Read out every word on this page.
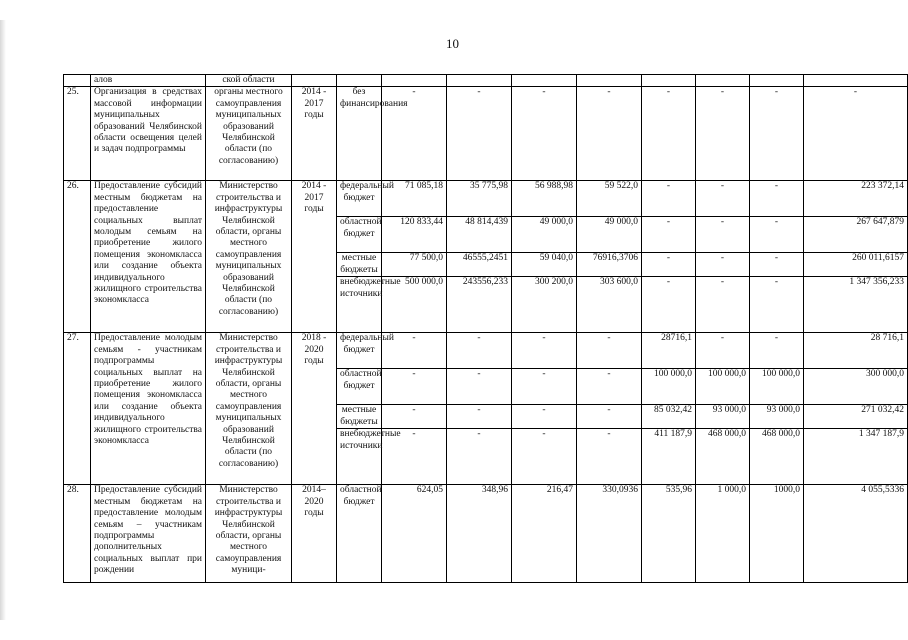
10
	алов	ской области										
25.	Организация в средствах массовой информации муниципальных образований Челябинской области освещения целей и задач подпрограммы	органы местного самоуправления муниципальных образований Челябинской области (по согласованию)	2014 - 2017 годы	без финансирования	-	-	-	-	-	-	-	-
26.	Предоставление субсидий местным бюджетам на предоставление социальных выплат молодым семьям на приобретение жилого помещения экономкласса или создание объекта индивидуального жилищного строительства экономкласса	Министерство строительства и инфраструктуры Челябинской области, органы местного самоуправления муниципальных образований Челябинской области (по согласованию)	2014 - 2017 годы	федеральный бюджет	71 085,18	35 775,98	56 988,98	59 522,0	-	-	-	223 372,14
				областной бюджет	120 833,44	48 814,439	49 000,0	49 000,0	-	-	-	267 647,879
				местные бюджеты	77 500,0	46555,2451	59 040,0	76916,3706	-	-	-	260 011,6157
				внебюджетные источники	500 000,0	243556,233	300 200,0	303 600,0	-	-	-	1 347 356,233
27.	Предоставление молодым семьям - участникам подпрограммы социальных выплат на приобретение жилого помещения экономкласса или создание объекта индивидуального жилищного строительства экономкласса	Министерство строительства и инфраструктуры Челябинской области, органы местного самоуправления муниципальных образований Челябинской области (по согласованию)	2018 - 2020 годы	федеральный бюджет	-	-	-	-	28716,1	-	-	28 716,1
				областной бюджет	-	-	-	-	100 000,0	100 000,0	100 000,0	300 000,0
				местные бюджеты	-	-	-	-	85 032,42	93 000,0	93 000,0	271 032,42
				внебюджетные источники	-	-	-	-	411 187,9	468 000,0	468 000,0	1 347 187,9
28.	Предоставление субсидий местным бюджетам на предоставление молодым семьям – участникам подпрограммы дополнительных социальных выплат при рождении	Министерство строительства и инфраструктуры Челябинской области, органы местного самоуправления муници-	2014– 2020 годы	областной бюджет	624,05	348,96	216,47	330,0936	535,96	1 000,0	1000,0	4 055,5336
